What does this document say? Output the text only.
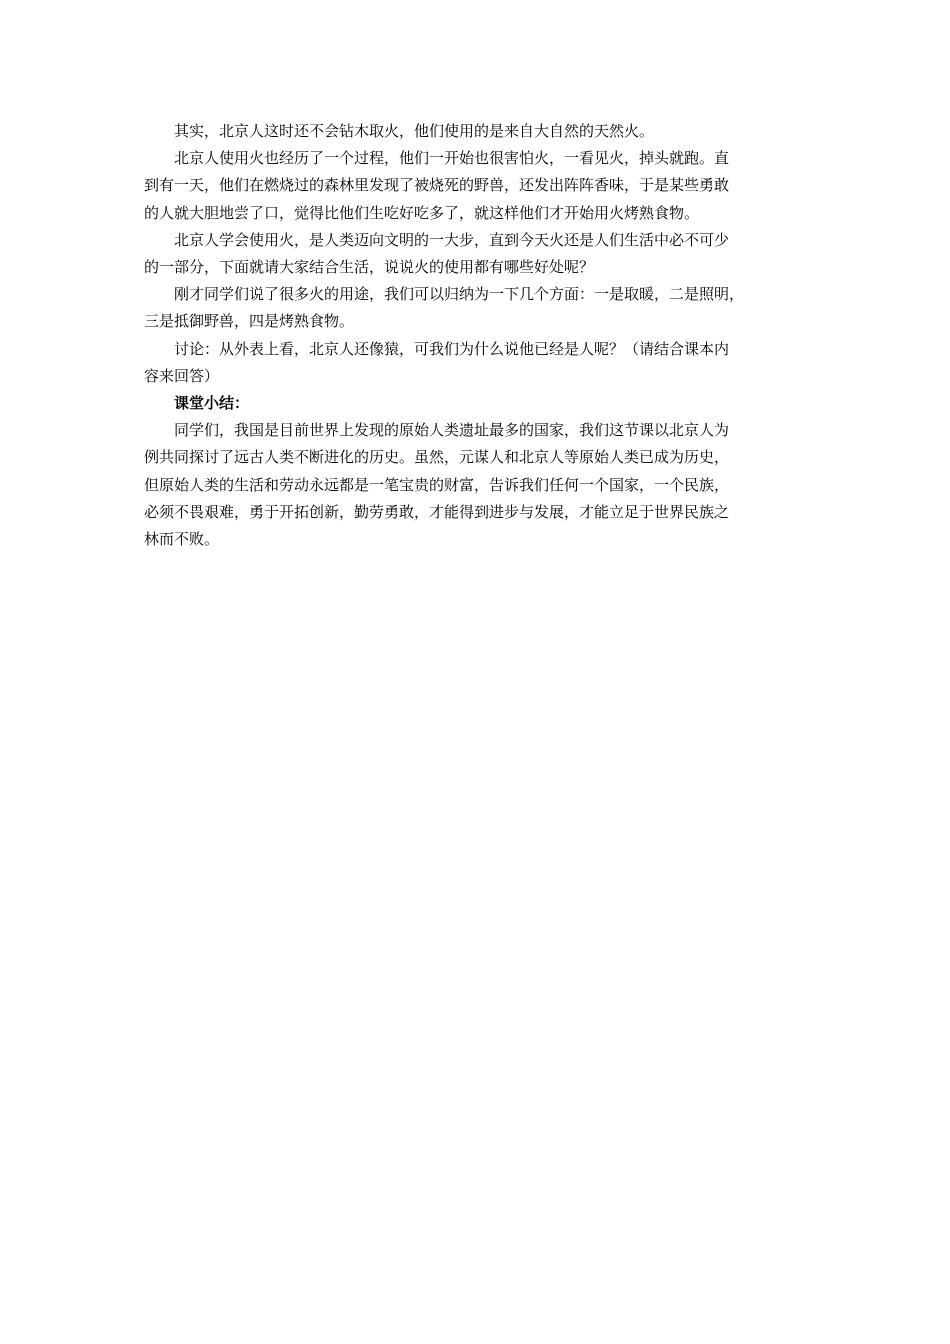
其实，北京人这时还不会钻木取火，他们使用的是来自大自然的天然火。

北京人使用火也经历了一个过程，他们一开始也很害怕火，一看见火，掉头就跑。直
到有一天，他们在燃烧过的森林里发现了被烧死的野兽，还发出阵阵香味，于是某些勇敢
的人就大胆地尝了口，觉得比他们生吃好吃多了，就这样他们才开始用火烤熟食物。

北京人学会使用火，是人类迈向文明的一大步，直到今天火还是人们生活中必不可少
的一部分，下面就请大家结合生活，说说火的使用都有哪些好处呢？

刚才同学们说了很多火的用途，我们可以归纳为一下几个方面：一是取暖，二是照明，
三是抵御野兽，四是烤熟食物。

讨论：从外表上看，北京人还像猿，可我们为什么说他已经是人呢？（请结合课本内
容来回答）

课堂小结：

同学们，我国是目前世界上发现的原始人类遗址最多的国家，我们这节课以北京人为
例共同探讨了远古人类不断进化的历史。虽然，元谋人和北京人等原始人类已成为历史，
但原始人类的生活和劳动永远都是一笔宝贵的财富，告诉我们任何一个国家，一个民族，
必须不畏艰难，勇于开拓创新，勤劳勇敢，才能得到进步与发展，才能立足于世界民族之
林而不败。
